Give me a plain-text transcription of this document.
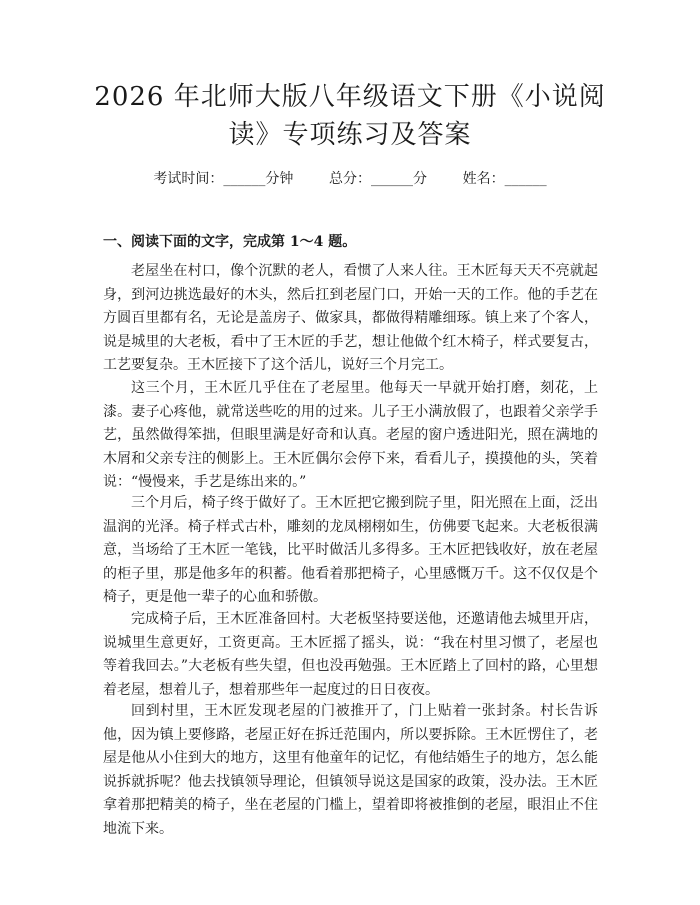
2026 年北师大版八年级语文下册《小说阅读》专项练习及答案
考试时间：______分钟	总分：______分	姓名：______
一、阅读下面的文字，完成第 1～4 题。

老屋坐在村口，像个沉默的老人，看惯了人来人往。王木匠每天天不亮就起身，到河边挑选最好的木头，然后扛到老屋门口，开始一天的工作。他的手艺在方圆百里都有名，无论是盖房子、做家具，都做得精雕细琢。镇上来了个客人，说是城里的大老板，看中了王木匠的手艺，想让他做个红木椅子，样式要复古，工艺要复杂。王木匠接下了这个活儿，说好三个月完工。

这三个月，王木匠几乎住在了老屋里。他每天一早就开始打磨，刻花，上漆。妻子心疼他，就常送些吃的用的过来。儿子王小满放假了，也跟着父亲学手艺，虽然做得笨拙，但眼里满是好奇和认真。老屋的窗户透进阳光，照在满地的木屑和父亲专注的侧影上。王木匠偶尔会停下来，看看儿子，摸摸他的头，笑着说：“慢慢来，手艺是练出来的。”

三个月后，椅子终于做好了。王木匠把它搬到院子里，阳光照在上面，泛出温润的光泽。椅子样式古朴，雕刻的龙凤栩栩如生，仿佛要飞起来。大老板很满意，当场给了王木匠一笔钱，比平时做活儿多得多。王木匠把钱收好，放在老屋的柜子里，那是他多年的积蓄。他看着那把椅子，心里感慨万千。这不仅仅是个椅子，更是他一辈子的心血和骄傲。

完成椅子后，王木匠准备回村。大老板坚持要送他，还邀请他去城里开店，说城里生意更好，工资更高。王木匠摇了摇头，说：“我在村里习惯了，老屋也等着我回去。”大老板有些失望，但也没再勉强。王木匠踏上了回村的路，心里想着老屋，想着儿子，想着那些年一起度过的日日夜夜。

回到村里，王木匠发现老屋的门被推开了，门上贴着一张封条。村长告诉他，因为镇上要修路，老屋正好在拆迁范围内，所以要拆除。王木匠愣住了，老屋是他从小住到大的地方，这里有他童年的记忆，有他结婚生子的地方，怎么能说拆就拆呢？他去找镇领导理论，但镇领导说这是国家的政策，没办法。王木匠拿着那把精美的椅子，坐在老屋的门槛上，望着即将被推倒的老屋，眼泪止不住地流下来。
